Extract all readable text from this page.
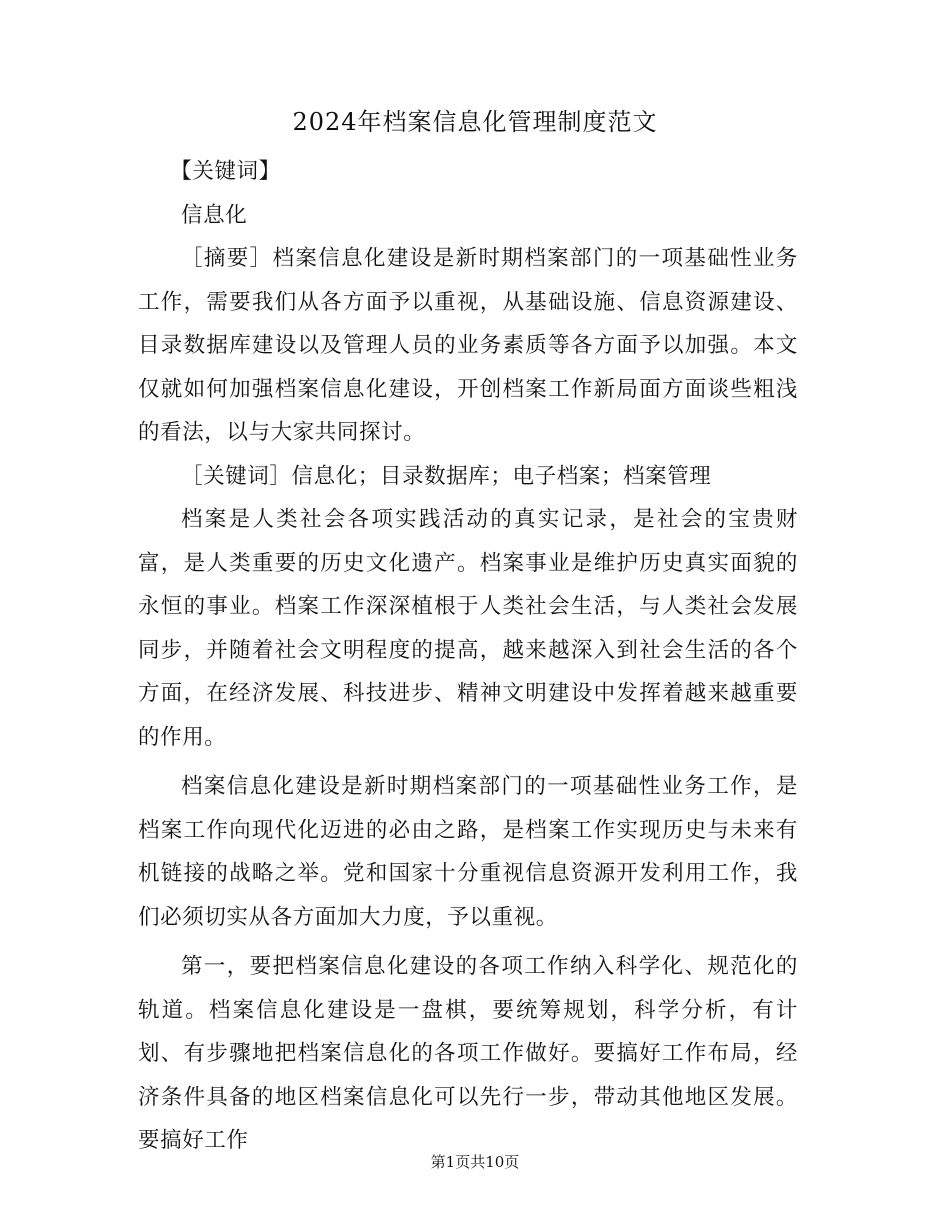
2024年档案信息化管理制度范文

【关键词】

信息化

［摘要］档案信息化建设是新时期档案部门的一项基础性业务工作，需要我们从各方面予以重视，从基础设施、信息资源建设、目录数据库建设以及管理人员的业务素质等各方面予以加强。本文仅就如何加强档案信息化建设，开创档案工作新局面方面谈些粗浅的看法，以与大家共同探讨。

［关键词］信息化；目录数据库；电子档案；档案管理

档案是人类社会各项实践活动的真实记录，是社会的宝贵财富，是人类重要的历史文化遗产。档案事业是维护历史真实面貌的永恒的事业。档案工作深深植根于人类社会生活，与人类社会发展同步，并随着社会文明程度的提高，越来越深入到社会生活的各个方面，在经济发展、科技进步、精神文明建设中发挥着越来越重要的作用。

档案信息化建设是新时期档案部门的一项基础性业务工作，是档案工作向现代化迈进的必由之路，是档案工作实现历史与未来有机链接的战略之举。党和国家十分重视信息资源开发利用工作，我们必须切实从各方面加大力度，予以重视。

第一，要把档案信息化建设的各项工作纳入科学化、规范化的轨道。档案信息化建设是一盘棋，要统筹规划，科学分析，有计划、有步骤地把档案信息化的各项工作做好。要搞好工作布局，经济条件具备的地区档案信息化可以先行一步，带动其他地区发展。要搞好工作

第1页共10页
